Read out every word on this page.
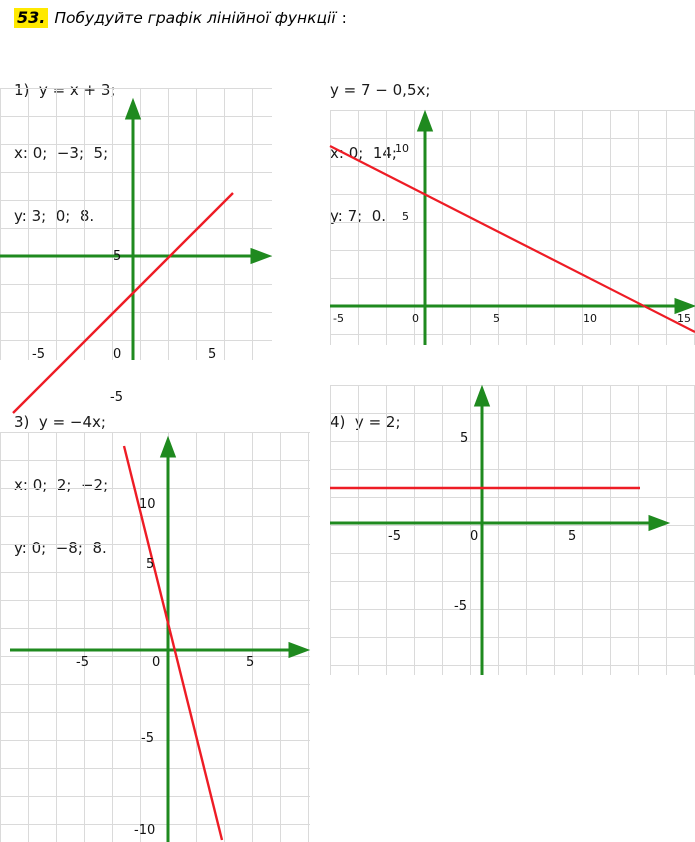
53. Побудуйте графік лінійної функції :

1)  y = x + 3;

x: 0;  −3;  5;

y: 3;  0;  8.

y = 7 − 0,5x;

x: 0;  14;

y: 7;  0.

3)  y = −4x;

x: 0;  2;  −2;

y: 0;  −8;  8.

4)  y = 2;

-5	0	5
5
-5
-5	0	5	10	15
5
10
-5	0	5
5
10
-5
-10
-5	0	5
5
-5
